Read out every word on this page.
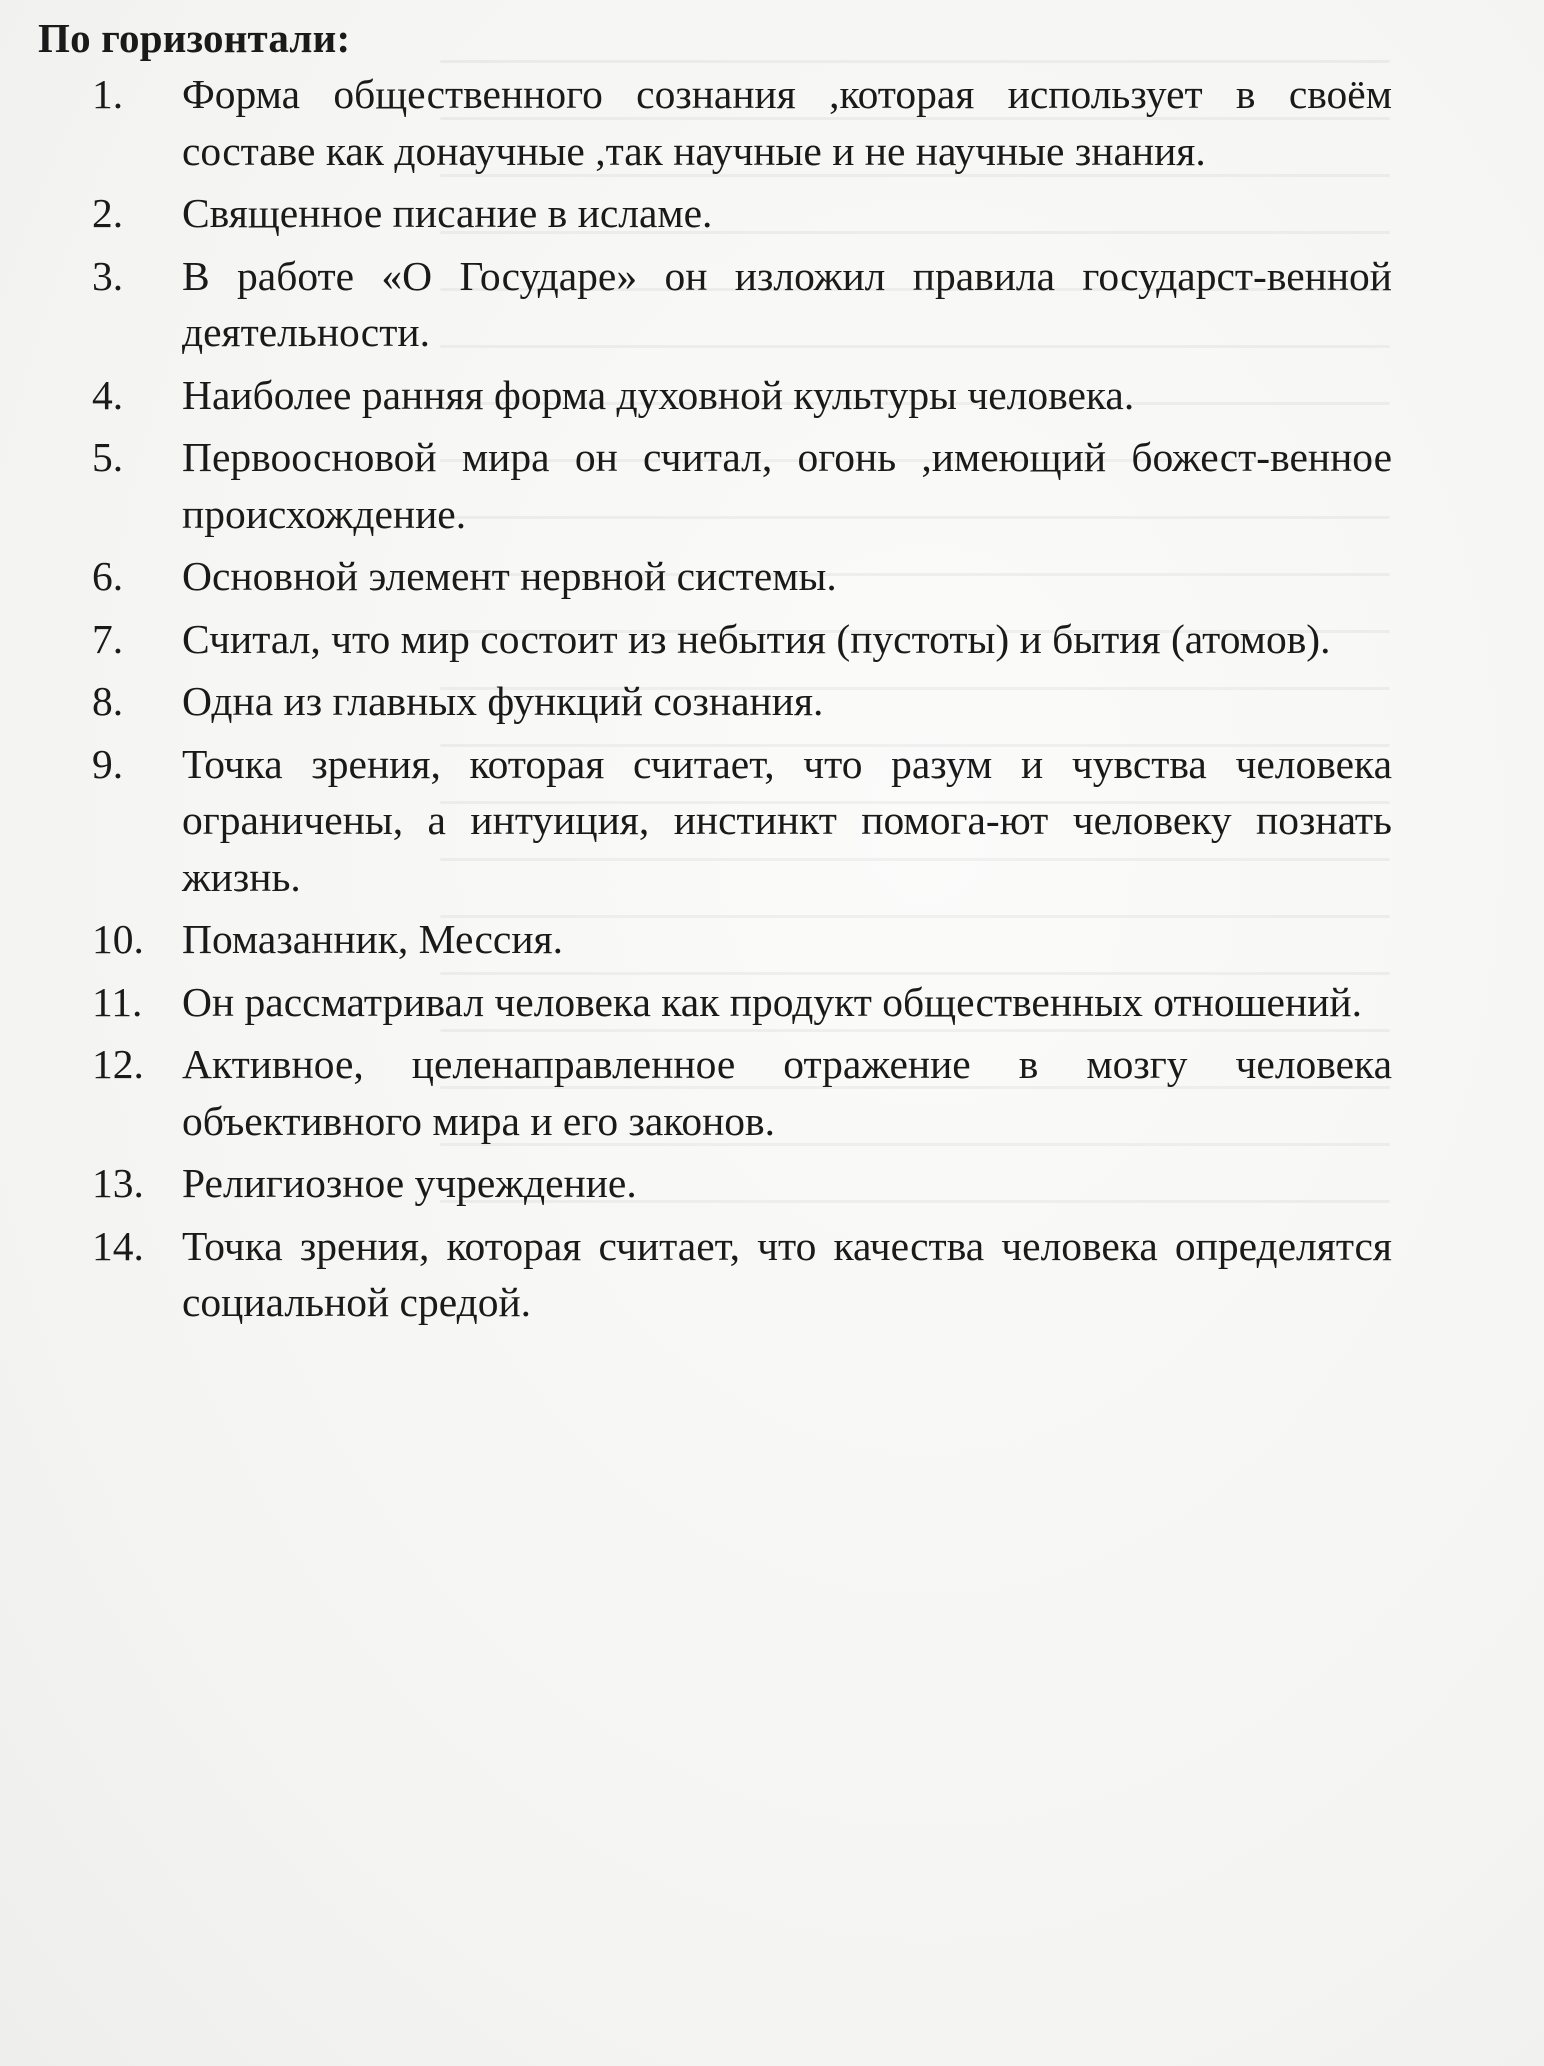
По горизонтали:
1.	Форма общественного сознания ,которая использует в своём составе как донаучные ,так научные и не научные знания.
2.	Священное писание в исламе.
3.	В работе «О Государе» он изложил правила государст-венной деятельности.
4.	Наиболее ранняя форма духовной культуры человека.
5.	Первоосновой мира он считал, огонь ,имеющий божест-венное происхождение.
6.	Основной элемент нервной системы.
7.	Считал, что мир состоит из небытия (пустоты) и бытия (атомов).
8.	Одна из главных функций сознания.
9.	Точка зрения, которая считает, что разум и чувства человека ограничены, а интуиция, инстинкт помога-ют человеку познать жизнь.
10. Помазанник, Мессия.
11. Он рассматривал человека как продукт общественных отношений.
12. Активное, целенаправленное отражение в мозгу человека объективного мира и его законов.
13. Религиозное учреждение.
14. Точка зрения, которая считает, что качества человека определятся социальной средой.
